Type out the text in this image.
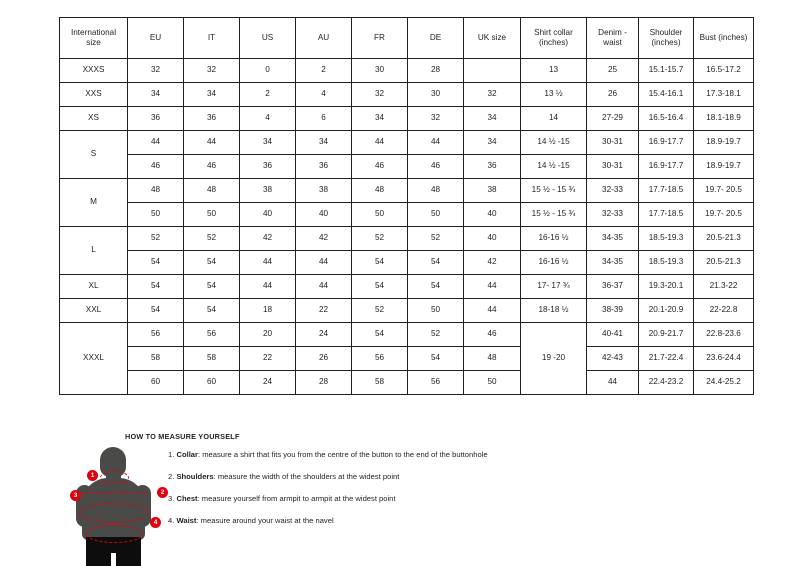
International size	EU	IT	US	AU	FR	DE	UK size	Shirt collar (inches)	Denim - waist	Shoulder (inches)	Bust (inches)
XXXS	32	32	0	2	30	28		13	25	15.1-15.7	16.5-17.2
XXS	34	34	2	4	32	30	32	13 ½	26	15.4-16.1	17.3-18.1
XS	36	36	4	6	34	32	34	14	27-29	16.5-16.4	18.1-18.9
S	44	44	34	34	44	44	34	14 ½ -15	30-31	16.9-17.7	18.9-19.7
	46	46	36	36	46	46	36	14 ½ -15	30-31	16.9-17.7	18.9-19.7
M	48	48	38	38	48	48	38	15 ½ - 15 ¾	32-33	17.7-18.5	19.7- 20.5
	50	50	40	40	50	50	40	15 ½ - 15 ¾	32-33	17.7-18.5	19.7- 20.5
L	52	52	42	42	52	52	40	16-16 ½	34-35	18.5-19.3	20.5-21.3
	54	54	44	44	54	54	42	16-16 ½	34-35	18.5-19.3	20.5-21.3
XL	54	54	44	44	54	54	44	17- 17 ¾	36-37	19.3-20.1	21.3-22
XXL	54	54	18	22	52	50	44	18-18 ½	38-39	20.1-20.9	22-22.8
XXXL	56	56	20	24	54	52	46	19 -20	40-41	20.9-21.7	22.8-23.6
	58	58	22	26	56	54	48		42-43	21.7-22.4	23.6-24.4
	60	60	24	28	58	56	50		44	22.4-23.2	24.4-25.2
HOW TO MEASURE YOURSELF
1. Collar: measure a shirt that fits you from the centre of the button to the end of the buttonhole
2. Shoulders: measure the width of the shoulders at the widest point
3. Chest: measure yourself from armpit to armpit at the widest point
4. Waist: measure around your waist at the navel
1
2
3
4
